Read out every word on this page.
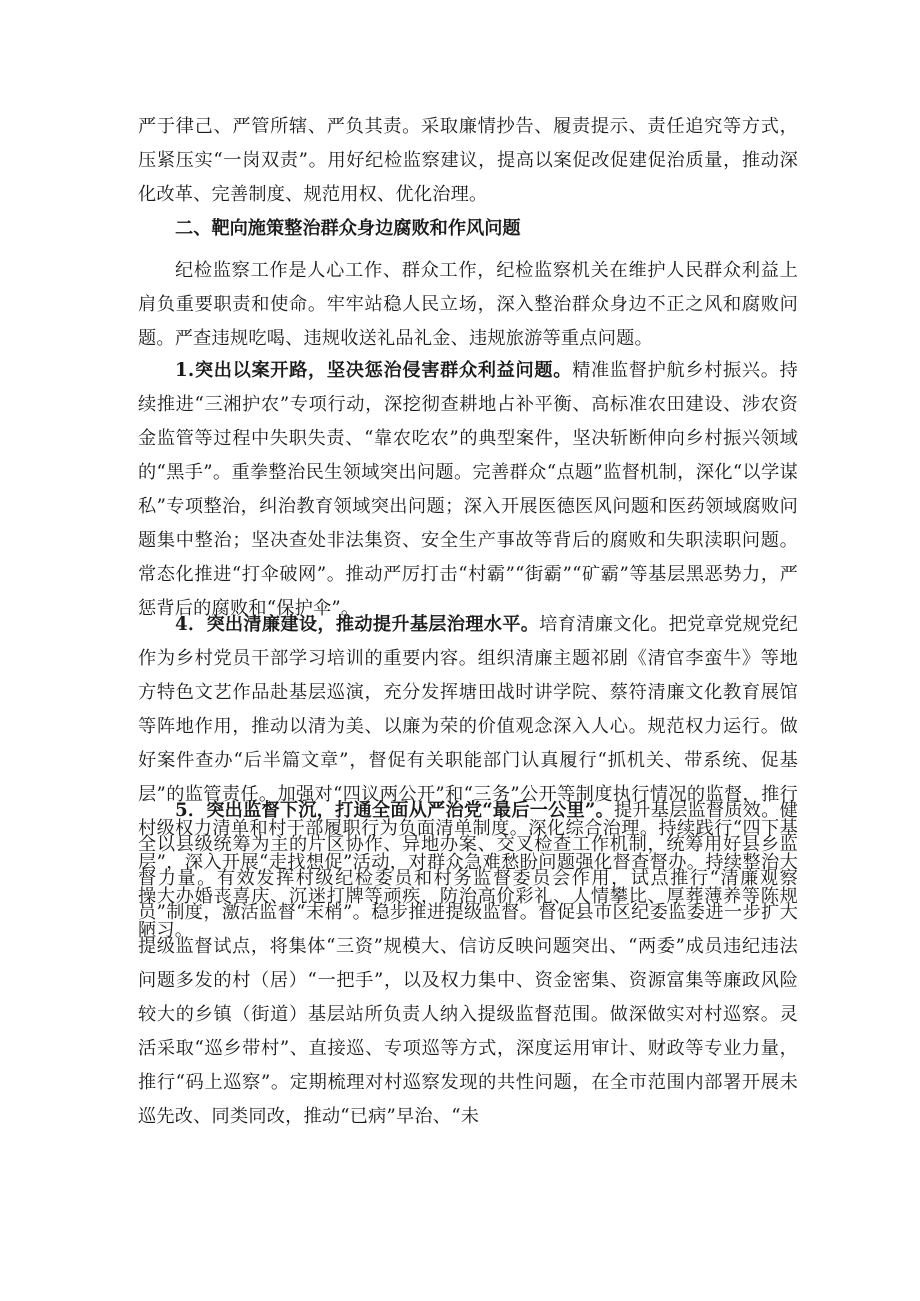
严于律己、严管所辖、严负其责。采取廉情抄告、履责提示、责任追究等方式，压紧压实“一岗双责”。用好纪检监察建议，提高以案促改促建促治质量，推动深化改革、完善制度、规范用权、优化治理。

二、靶向施策整治群众身边腐败和作风问题

纪检监察工作是人心工作、群众工作，纪检监察机关在维护人民群众利益上肩负重要职责和使命。牢牢站稳人民立场，深入整治群众身边不正之风和腐败问题。严查违规吃喝、违规收送礼品礼金、违规旅游等重点问题。

1.突出以案开路，坚决惩治侵害群众利益问题。精准监督护航乡村振兴。持续推进“三湘护农”专项行动，深挖彻查耕地占补平衡、高标准农田建设、涉农资金监管等过程中失职失责、“靠农吃农”的典型案件，坚决斩断伸向乡村振兴领域的“黑手”。重拳整治民生领域突出问题。完善群众“点题”监督机制，深化“以学谋私”专项整治，纠治教育领域突出问题；深入开展医德医风问题和医药领域腐败问题集中整治；坚决查处非法集资、安全生产事故等背后的腐败和失职渎职问题。常态化推进“打伞破网”。推动严厉打击“村霸”“街霸”“矿霸”等基层黑恶势力，严惩背后的腐败和“保护伞”。

4．突出清廉建设，推动提升基层治理水平。培育清廉文化。把党章党规党纪作为乡村党员干部学习培训的重要内容。组织清廉主题祁剧《清官李蛮牛》等地方特色文艺作品赴基层巡演，充分发挥塘田战时讲学院、蔡符清廉文化教育展馆等阵地作用，推动以清为美、以廉为荣的价值观念深入人心。规范权力运行。做好案件查办“后半篇文章”，督促有关职能部门认真履行“抓机关、带系统、促基层”的监管责任。加强对“四议两公开”和“三务”公开等制度执行情况的监督，推行村级权力清单和村干部履职行为负面清单制度。深化综合治理。持续践行“四下基层”，深入开展“走找想促”活动，对群众急难愁盼问题强化督查督办。持续整治大操大办婚丧喜庆、沉迷打牌等顽疾，防治高价彩礼、人情攀比、厚葬薄养等陈规陋习。

5．突出监督下沉，打通全面从严治党“最后一公里”。提升基层监督质效。健全以县级统筹为主的片区协作、异地办案、交叉检查工作机制，统筹用好县乡监督力量。有效发挥村级纪检委员和村务监督委员会作用，试点推行“清廉观察员”制度，激活监督“末梢”。稳步推进提级监督。督促县市区纪委监委进一步扩大提级监督试点，将集体“三资”规模大、信访反映问题突出、“两委”成员违纪违法问题多发的村（居）“一把手”，以及权力集中、资金密集、资源富集等廉政风险较大的乡镇（街道）基层站所负责人纳入提级监督范围。做深做实对村巡察。灵活采取“巡乡带村”、直接巡、专项巡等方式，深度运用审计、财政等专业力量，推行“码上巡察”。定期梳理对村巡察发现的共性问题，在全市范围内部署开展未巡先改、同类同改，推动“已病”早治、“未
